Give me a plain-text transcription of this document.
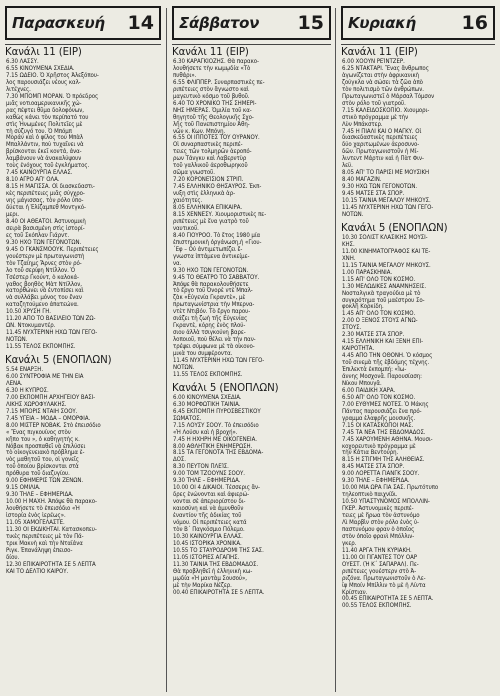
Παρασκευή 14
Κανάλι 11 (ΕΙΡ)
6.30 ΛΑΣΣΥ.
6.55 ΚΙΝΟΥΜΕΝΑ ΣΧΕΔΙΑ.
7.15 ΩΔΕΙΟ. Ὁ Χρῆστος Ἀλεξόπου-
λος παρουσιάζει νέους καλ-
λιτέχνες.
7.30 ΜΠΟΜΠ ΜΟΡΑΝ. Ὁ πρόεδρος
μιᾶς νοτιοαμερικανικῆς χώ-
ρας πέφτει θῦμα δολοφόνων,
καθὼς κάνει τὸν περίπατό του
στὶς Ἡνωμένες Πολιτεῖες μὲ
τὴ σύζυγό του. Ὁ Μπόμπ
Μοράν καὶ ὁ φίλος του Μπὰλ
Μπαλλάντιν, ποὺ τυχαῖνει νὰ
βρίσκονται ἐκεῖ κοντά, ἀνα-
λαμβάνουν νὰ ἀνακαλύψουν
τοὺς ἐνόχους τοῦ ἐγκλήματος.
7.45 ΚΑΙΝΟΥΡΓΙΑ ΕΛΛΑΣ.
8.10 ΑΓΡΟ ΑΠ' ΟΛΑ.
8.15 Η ΜΑΓΙΣΣΑ. Οἱ διασκεδαστι-
κὲς περιπέτειες μιᾶς σύγχρο-
νης μάγισσας, τὸν ρόλο ὑπο-
δύεται ἡ Ἐλίζαμπεθ Μοντγκό-
μερι.
8.40 ΟΙ ΑΘΕΑΤΟΙ. Ἀστυνομικὴ
σειρὰ βασισμένη στὶς ἱστορί-
ες τοῦ Σκόπλαν Γιάρντ.
9.30 ΗΧΟ ΤΩΝ ΓΕΓΟΝΟΤΩΝ.
9.45 Ο ΓΚΑΝΣΜΟΟΥΚ. Περιπέτειες
γουέστερν μὲ πρωταγωνιστὴ
τὸν Τζαίημς Ἄρνες στὸν ρό-
λο τοῦ σερίφη Ντίλλον. Ὁ
Τσέστερ Γκούντ, ὁ καλοκά-
γαθος βοηθὸς Μὰτ Ντίλλον,
κατορθώνει νὰ ἐντοπίσει καὶ
νὰ συλλάβει μόνος του ἕναν
καταζητούμενο ἀπατεώνα.
10.50 ΧΡΥΣΗ ΓΗ.
11.20 ΑΠΟ ΤΟ ΒΑΣΙΛΕΙΟ ΤΩΝ ΖΩ-
ΩΝ. Ντοκυμαντέρ.
11.45 ΝΥΧΤΕΡΙΝΗ ΗΧΩ ΤΩΝ ΓΕΓΟ-
ΝΟΤΩΝ.
11.55 ΤΕΛΟΣ ΕΚΠΟΜΠΗΣ.
Κανάλι 5 (ΕΝΟΠΛΩΝ)
5.54 ΕΝΑΡΞΗ.
6.00 ΣΥΝΤΡΟΦΙΑ ΜΕ ΤΗΝ ΕΙΑ
ΛΕΝΑ.
6.30 Η ΚΥΠΡΟΣ.
7.00 ΕΚΠΟΜΠΗ ΑΡΧΗΓΕΙΟΥ ΒΑΣΙ-
ΛΙΚΗΣ ΧΩΡΟΦΥΛΑΚΗΣ.
7.15 ΜΠΟΡΙΣ ΝΤΑΙΗ ΣΟΟΥ.
7.45 ΥΓΕΙΑ – ΜΟΔΑ – ΟΜΟΡΦΙΑ.
8.00 ΜΙΣΤΕΡ ΝΟΒΑΚ. Στὸ ἐπεισόδιο
« Ἕνας πιγκουίνος στὸν
κῆπο του », ὁ καθηγητὴς κ.
Νόβακ προσπαθεῖ νὰ ἐπιλύσει
τὸ οἰκογενειακὸ πρόβλημα ἑ-
νὸς μαθητοῦ του, οἱ γονεῖς
τοῦ ὁποίου βρίσκονται στὰ
πρόθυρα τοῦ διαζυγίου.
9.00 ΕΦΗΜΕΡΙΣ ΤΩΝ ΖΕΝΩΝ.
9.15 ΟΜΙΛΙΑ.
9.30 ΤΗΛΕ – ΕΦΗΜΕΡΙΔΑ.
10.00 Η ΜΑΧΗ. Ἀπόψε θὰ παρακο-
λουθήσετε τὸ ἐπεισόδιο «Ἡ
ἱστορία ἑνὸς ἱερέως».
11.05 ΧΑΜΟΓΕΛΑΣΤΕ.
11.30 ΟΙ ΕΚΔΙΚΗΤΑΙ. Κατασκοπευ-
τικὲς περιπέτειες μὲ τὸν Πά-
τρικ Μακνὴ καὶ τὴν Νταϊάνα
Ριγκ. Ἐπανάληψη ἐπεισο-
δίου.
12.30 ΕΠΙΚΑΙΡΟΤΗΤΑ ΣΕ 5 ΛΕΠΤΑ
ΚΑΙ ΤΟ ΔΕΛΤΙΟ ΚΑΙΡΟΥ.
Σάββατον 15
Κανάλι 11 (ΕΙΡ)
6.30 ΚΑΡΑΓΚΙΟΖΗΣ. Θὰ παρακο-
λουθήσετε τὴν κωμῳδία «Τὸ
πυθάρι».
6.55 ΦΛΙΠΠΕΡ. Συναρπαστικὲς πε-
ριπέτειες στὸν ἄγνωστο καὶ
μαγευτικὸ κόσμο τοῦ βυθοῦ.
6.40 ΤΟ ΧΡΟΝΙΚΟ ΤΗΣ ΣΗΜΕΡΙ-
ΝΗΣ ΗΜΕΡΑΣ. Ὁμιλία τοῦ κα-
θηγητοῦ τῆς Θεολογικῆς Σχο-
λῆς τοῦ Πανεπιστημίου Ἀθη-
νῶν κ. Κων. Μπόνη.
6.55 ΟΙ ΙΠΠΟΤΕΣ ΤΟΥ ΟΥΡΑΝΟΥ.
Οἱ συναρπαστικὲς περιπέ-
τειες τῶν τολμηρῶν ἀεροπό-
ρων Τάνγκυ καὶ Λαβερντὺρ
τοῦ γαλλικοῦ ἀεροθωρηκοῦ
σῶμα γνωστοῦ.
7.20 ΚΟΡΟΝΕΊΣΙΟΝ ΣΤΡΙΠ.
7.45 ΕΛΛΗΝΙΚΟ ΘΗΣΑΥΡΟΣ. Ἐκπ-
νυξη στὶς ἑλληνικὰ ἀρ-
χαιότητες.
8.05 ΕΛΛΗΝΙΚΑ ΕΠΙΚΑΙΡΑ.
8.15 ΧΕΝΝΕΣΥ. Χιουμοριστικὲς πε-
ριπέτειες μὲ ἕνα γιατρὸ τοῦ
ναυτικοῦ.
8.40 ΓΙΟΥΡΟΟ. Τὸ ἔτος 1980 μία
ἐπιστημονικὴ ὀργάνωση,ἡ «Γιου-
΄Εφ – Οὐ ἀντιμετωπίζει ἕ-
γνωστα ἱπτάμενα ἀντικείμε-
να.
9.30 ΗΧΟ ΤΩΝ ΓΕΓΟΝΟΤΩΝ.
9.45 ΤΟ ΘΕΑΤΡΟ ΤΟ ΣΑΒΒΑΤΟΥ.
Ἀπόψε θὰ παρακολουθήσετε
τὸ ἔργο τοῦ Ὀνορὲ ντὲ Μπαλ-
ζὰκ «Εὐγενία Γκραντὲ», μὲ
πρωταγωνίστρια τὴν Μπερνα-
ντὲτ Ντιβόν. Τὸ ἔργο παρου-
σιάζει τὴ ζωὴ τῆς Εὐγενίας
Γκραντὲ, κόρης ἑνὸς πλού-
σιου ἀλλὰ τσιγκούνη βαρε-
λοποιοῦ, ποὺ θέλει νὰ τὴν παν-
τρέψει σύμφωνα μὲ τὰ οἰκονο-
μικὰ του συμφέροντα.
11.45 ΝΥΧΤΕΡΙΝΗ ΗΧΩ ΤΩΝ ΓΕΓΟ-
ΝΟΤΩΝ.
11.55 ΤΕΛΟΣ ΕΚΠΟΜΠΗΣ.
Κανάλι 5 (ΕΝΟΠΛΩΝ)
6.00 ΚΙΝΟΥΜΕΝΑ ΣΧΕΔΙΑ.
6.30 ΜΟΡΦΩΤΙΚΗ ΤΑΙΝΙΑ.
6.45 ΕΚΠΟΜΠΗ ΠΥΡΟΣΒΕΣΤΙΚΟΥ
ΣΩΜΑΤΟΣ.
7.15 ΛΟΥΣΥ ΣΟΟΥ. Τὸ ἐπεισόδιο
«Ἡ Λούσυ καὶ ἡ βροχή».
7.45 Η ΗΧΗΡΗ ΜΕ ΟΙΚΟΓΕΝΕΙΑ.
8.00 ΑΘΛΗΤΙΚΗ ΕΝΗΜΕΡΩΣΗ.
8.15 ΤΑ ΓΕΓΟΝΟΤΑ ΤΗΣ ΕΒΔΟΜΑ-
ΔΟΣ.
8.30 ΠΕΥΤΟΝ ΠΛΕΊΣ.
9.00 ΤΟΜ ΤΖΟΟΥΝΣ ΣΟΟΥ.
9.30 ΤΗΛΕ – ΕΦΗΜΕΡΙΔΑ.
10.00 ΟΙ 4 ΔΙΚΑΙΟΙ. Τέσσερις ἄν-
δρες ἑνώνονται καὶ ἀφιερώ-
νονται σὲ ἀπεριορίστου δι-
καιοσύνη καὶ νὰ ἀμυνθοῦν
ἐναντίον τῆς ἀδικίας τοῦ
νόμου. Οἱ περιπέτειες κατά
τὸν Β΄ Παγκόσμιο Πόλεμο.
10.30 ΚΑΙΝΟΥΡΓΙΑ ΕΛΛΑΣ.
10.45 ΙΣΤΟΡΙΚΑ ΧΡΟΝΙΚΑ.
10.55 ΤΟ ΣΤΑΥΡΟΔΡΟΜΙ ΤΗΣ ΣΑΣ.
11.05 ΙΣΤΟΡΙΕΣ ΑΓΑΠΗΣ.
11.30 ΤΑΙΝΙΑ ΤΗΣ ΕΒΔΟΜΑΔΟΣ.
Θὰ προβληθεῖ ἡ ἑλληνικὴ κω-
μῳδία «Ἡ μαντὰμ Σουσού»,
μὲ τὴν Μαρίκα Νέζερ.
00.40 ΕΠΙΚΑΙΡΟΤΗΤΑ ΣΕ 5 ΛΕΠΤΑ.
Κυριακή 16
Κανάλι 11 (ΕΙΡ)
6.00 ΧΟΟΥΝ ΡΕΊΝΤΖΕΡ.
6.25 ΝΤΑΚΤΑΡΙ. Ἕνας ἄνθρωπος
ἀγωνίζεται στὴν ἀφρικανικὴ
ζούγκλα νὰ σώσει τὰ ζῶα ἀπὸ
τὸν πολιτισμὸ τῶν ἀνθρώπων.
Πρωταγωνιστεῖ ὁ Μάρσαλ Τόμσον
στὸν ρόλο τοῦ γιατροῦ.
7.15 ΚΑΛΕΙΔΟΣΚΟΠΙΟ. Χιουμορι-
στικὸ πρόγραμμα μὲ τὴν
Λὺν Μπάκστερ.
7.45 Η ΠΙΑΛΙ ΚΑΙ Ο ΜΑΓΚΥ. Οἱ
διασκεδαστικὲς περιπέτειες
δύο χαριτωμένων ἀεροσυνο-
δῶν. Πρωταγωνιστοῦν ἡ Μί-
λιντεντ Μάρτιν καὶ ἡ Πὰτ Φιν-
λεϋ.
8.05 ΑΠ' ΤΟ ΠΑΡΙΣΙ ΜΕ ΜΟΥΣΙΚΗ
8.40 ΜΑΓΑΖΙΝ.
9.30 ΗΧΩ ΤΩΝ ΓΕΓΟΝΟΤΩΝ.
9.45 ΜΑΤΣΕ ΣΤΑ ΣΠΟΡ.
10.15 ΤΑΙΝΙΑ ΜΕΓΑΛΟΥ ΜΗΚΟΥΣ.
11.45 ΝΥΧΤΕΡΙΝΗ ΗΧΩ ΤΩΝ ΓΕΓΟ-
ΝΟΤΩΝ.
Κανάλι 5 (ΕΝΟΠΛΩΝ)
10.30 ΣΟΛΙΣΤ ΚΛΑΣΙΚΗΣ ΜΟΥΣΙ-
ΚΗΣ.
11.00 ΚΙΝΗΜΑΤΟΓΡΑΦΟΣ ΚΑΙ ΤΕ-
ΧΝΗ.
11.15 ΤΑΙΝΙΑ ΜΕΓΑΛΟΥ ΜΗΚΟΥΣ.
1.00 ΠΑΡΑΣΚΗΝΙΑ.
1.15 ΑΠ' ΟΛΟ ΤΟΝ ΚΟΣΜΟ.
1.30 ΜΕΛΩΔΙΚΕΣ ΑΝΑΜΝΗΣΕΙΣ.
Νοσταλγικὰ τραγούδια μὲ τὸ
συγκρότημα τοῦ μαέστρου Σο-
φοκλῆ Κορκίδη.
1.45 ΑΠ' ΟΛΟ ΤΟΝ ΚΟΣΜΟ.
2.00 Ο ΞΕΝΟΣ ΣΤΟΥΣ ΑΓΝΩ-
ΣΤΟΥΣ.
2.30 ΜΑΤΣΕ ΣΤΑ ΣΠΟΡ.
4.15 ΕΛΛΗΝΙΚΗ ΚΑΙ ΞΕΝΗ ΕΠΙ-
ΚΑΙΡΟΤΗΤΑ.
4.45 ΑΠΟ ΤΗΝ ΟΘΟΝΗ. Ὁ κόσμος
τοῦ σινεμὰ τῆς ἑβδόμης τέχνης.
Ἐπιλεκτὰ ἐκπομπή: «Ἰω-
άννης Μοσχονᾶ. Παρουσίαση:
Νίκου Μπουγᾶ.
6.00 ΠΑΙΔΙΚΗ ΧΑΡΑ.
6.50 ΑΠ' ΟΛΟ ΤΟΝ ΚΟΣΜΟ.
7.00 ΕΥΘΥΜΕΣ ΝΟΤΕΣ. Ὁ Μάκης
Πάντας παρουσιάζει ἕνα πρό-
γραμμα ἐλαφρῆς μουσικῆς.
7.15 ΟΙ ΚΑΤΑΣΚΟΠΟΙ ΜΑΣ.
7.45 ΤΑ ΝΕΑ ΤΗΣ ΕΒΔΟΜΑΔΟΣ.
7.45 ΧΑΡΟΥΜΕΝΗ ΑΘΗΝΑ. Μουσι-
κοχορευτικὸ πρόγραμμα μὲ
τὴν Κάτια Βεντούρη.
8.15 Η ΣΤΙΓΜΗ ΤΗΣ ΑΛΗΘΕΙΑΣ.
8.45 ΜΑΤΣΕ ΣΤΑ ΣΠΟΡ.
9.00 ΛΟΡΕΤΤΑ ΓΙΑΝΓΚ ΣΟΟΥ.
9.30 ΤΗΛΕ – ΕΦΗΜΕΡΙΔΑ.
10.00 ΜΙΑ ΩΡΑ ΓΙΑ ΣΑΣ. Πρωτότυπο
τηλεοπτικὸ παιχνίδι.
10.50 ΥΠΑΣΤΥΝΟΜΟΣ ΜΠΟΛΛΙΝ-
ΓΚΕΡ. Ἀστυνομικὲς περιπέ-
τειες μὲ ἥρωα τὸν ἀστυνόμο
Λὶ Μαρβὶν στὸν ρόλο ἑνὸς ὑ-
παστυνόμου φραν ὁ ὁποῖος
στὸν ὁποῖο φρανὶ Μπόλλιν-
γκερ.
11.40 ΑΡΓΑ ΤΗΝ ΚΥΡΙΑΚΗ.
11.00 ΟΙ ΓΙΓΑΝΤΕΣ ΤΟΥ ΟΑΡ
ΟΥΕΣΤ. (Ἡ Κ΄ ΣΑΠΑΡΑΛ). Πε-
ριπέτειες γουέστερν στὸ Ἀ-
ριζόνα. Πρωταγωνιστοῦν ὁ Λε-
ϊφ Μποίν Μπίλλιν τὸ μὲ ἡ Λίντα
Κρίστιαν.
00.45 ΕΠΙΚΑΙΡΟΤΗΤΑ ΣΕ 5 ΛΕΠΤΑ.
00.55 ΤΕΛΟΣ ΕΚΠΟΜΠΗΣ.
